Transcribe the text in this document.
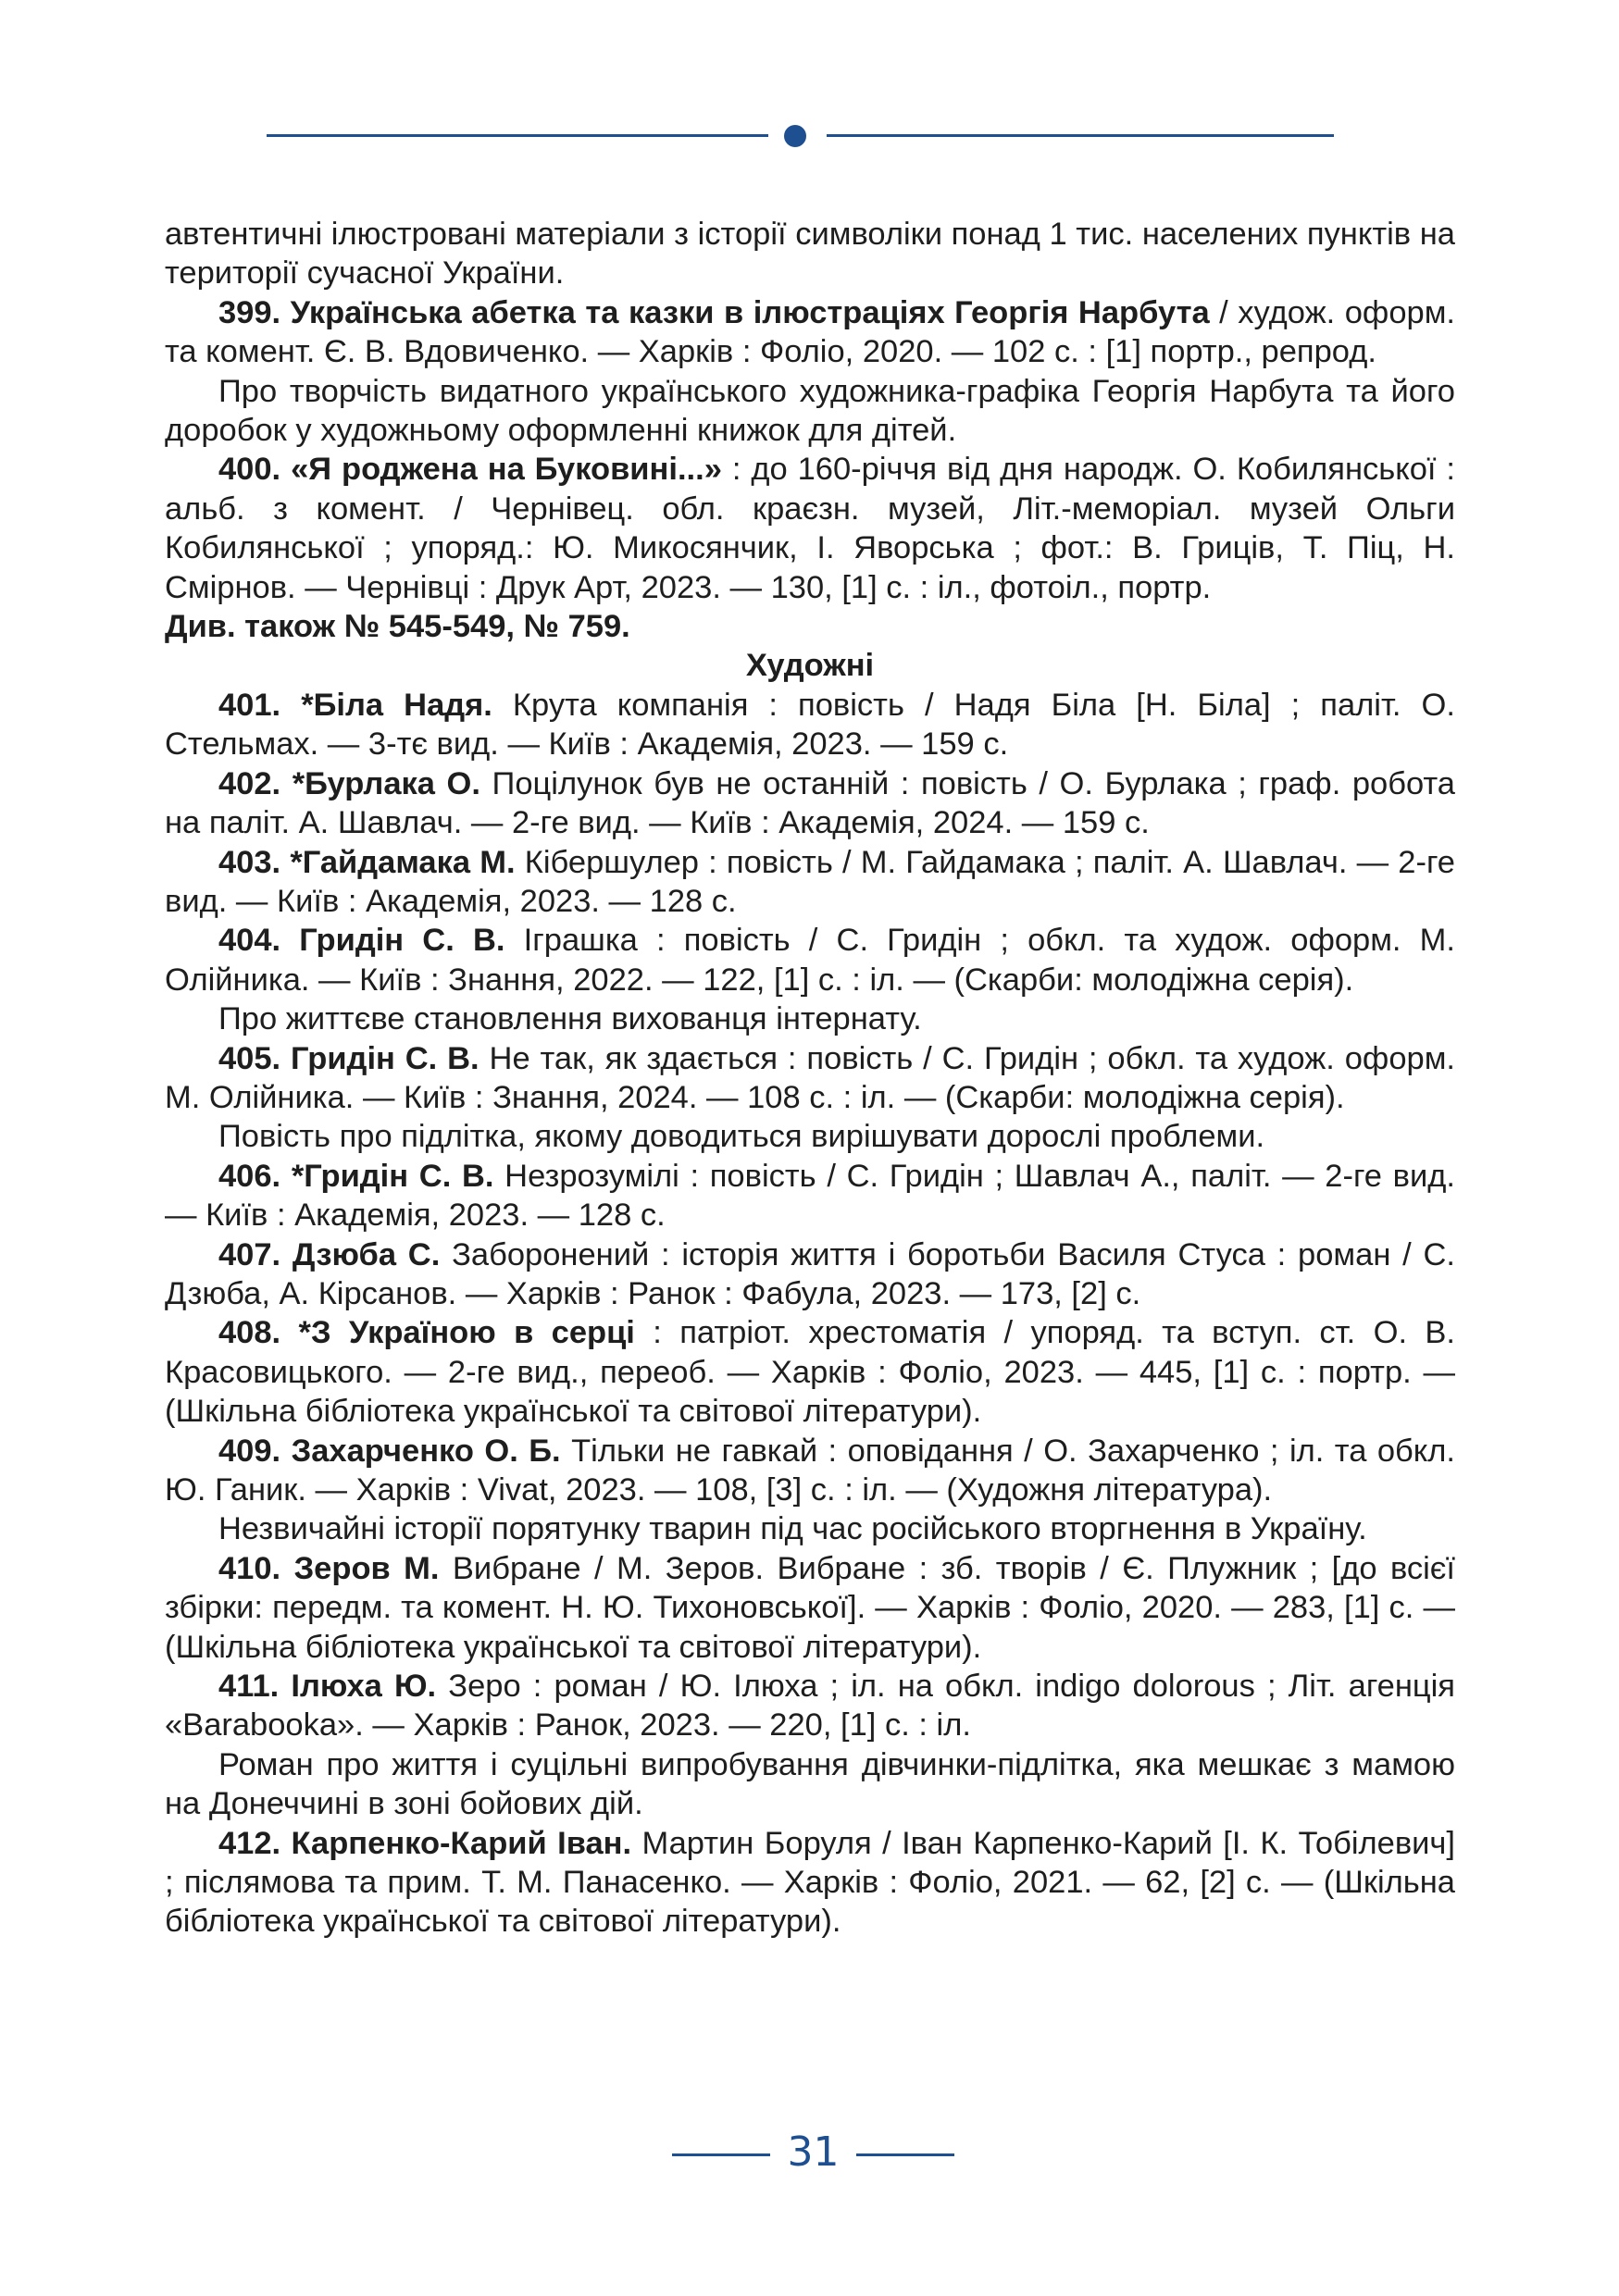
автентичні ілюстровані матеріали з історії символіки понад 1 тис. населених пунктів на території сучасної України.

399. Українська абетка та казки в ілюстраціях Георгія Нарбута / худож. оформ. та комент. Є. В. Вдовиченко. — Харків : Фоліо, 2020. — 102 с. : [1] портр., репрод.

Про творчість видатного українського художника-графіка Георгія Нарбута та його доробок у художньому оформленні книжок для дітей.

400. «Я роджена на Буковині...» : до 160-річчя від дня народж. О. Кобилянської : альб. з комент. / Чернівец. обл. краєзн. музей, Літ.-меморіал. музей Ольги Кобилянської ; упоряд.: Ю. Микосянчик, І. Яворська ; фот.: В. Гриців, Т. Піц, Н. Смірнов. — Чернівці : Друк Арт, 2023. — 130, [1] с. : іл., фотоіл., портр.

Див. також № 545-549, № 759.

Художні

401. *Біла Надя. Крута компанія : повість / Надя Біла [Н. Біла] ; паліт. О. Стельмах. — 3-тє вид. — Київ : Академія, 2023. — 159 с.

402. *Бурлака О. Поцілунок був не останній : повість / О. Бурлака ; граф. робота на паліт. А. Шавлач. — 2-ге вид. — Київ : Академія, 2024. — 159 с.

403. *Гайдамака М. Кібершулер : повість / М. Гайдамака ; паліт. А. Шавлач. — 2-ге вид. — Київ : Академія, 2023. — 128 с.

404. Гридін С. В. Іграшка : повість / С. Гридін ; обкл. та худож. оформ. М. Олійника. — Київ : Знання, 2022. — 122, [1] с. : іл. — (Скарби: молодіжна серія).

Про життєве становлення вихованця інтернату.

405. Гридін С. В. Не так, як здається : повість / С. Гридін ; обкл. та худож. оформ. М. Олійника. — Київ : Знання, 2024. — 108 с. : іл. — (Скарби: молодіжна серія).

Повість про підлітка, якому доводиться вирішувати дорослі проблеми.

406. *Гридін С. В. Незрозумілі : повість / С. Гридін ; Шавлач А., паліт. — 2-ге вид. — Київ : Академія, 2023. — 128 с.

407. Дзюба С. Заборонений : історія життя і боротьби Василя Стуса : роман / С. Дзюба, А. Кірсанов. — Харків : Ранок : Фабула, 2023. — 173, [2] с.

408. *З Україною в серці : патріот. хрестоматія / упоряд. та вступ. ст. О. В. Красовицького. — 2-ге вид., переоб. — Харків : Фоліо, 2023. — 445, [1] с. : портр. — (Шкільна бібліотека української та світової літератури).

409. Захарченко О. Б. Тільки не гавкай : оповідання / О. Захарченко ; іл. та обкл. Ю. Ганик. — Харків : Vivat, 2023. — 108, [3] с. : іл. — (Художня література).

Незвичайні історії порятунку тварин під час російського вторгнення в Україну.

410. Зеров М. Вибране / М. Зеров. Вибране : зб. творів / Є. Плужник ; [до всієї збірки: передм. та комент. Н. Ю. Тихоновської]. — Харків : Фоліо, 2020. — 283, [1] с. — (Шкільна бібліотека української та світової літератури).

411. Ілюха Ю. Зеро : роман / Ю. Ілюха ; іл. на обкл. indigo dolorous ; Літ. агенція «Barabooka». — Харків : Ранок, 2023. — 220, [1] с. : іл.

Роман про життя і суцільні випробування дівчинки-підлітка, яка мешкає з мамою на Донеччині в зоні бойових дій.

412. Карпенко-Карий Іван. Мартин Боруля / Іван Карпенко-Карий [І. К. Тобілевич] ; післямова та прим. Т. М. Панасенко. — Харків : Фоліо, 2021. — 62, [2] с. — (Шкільна бібліотека української та світової літератури).

31
